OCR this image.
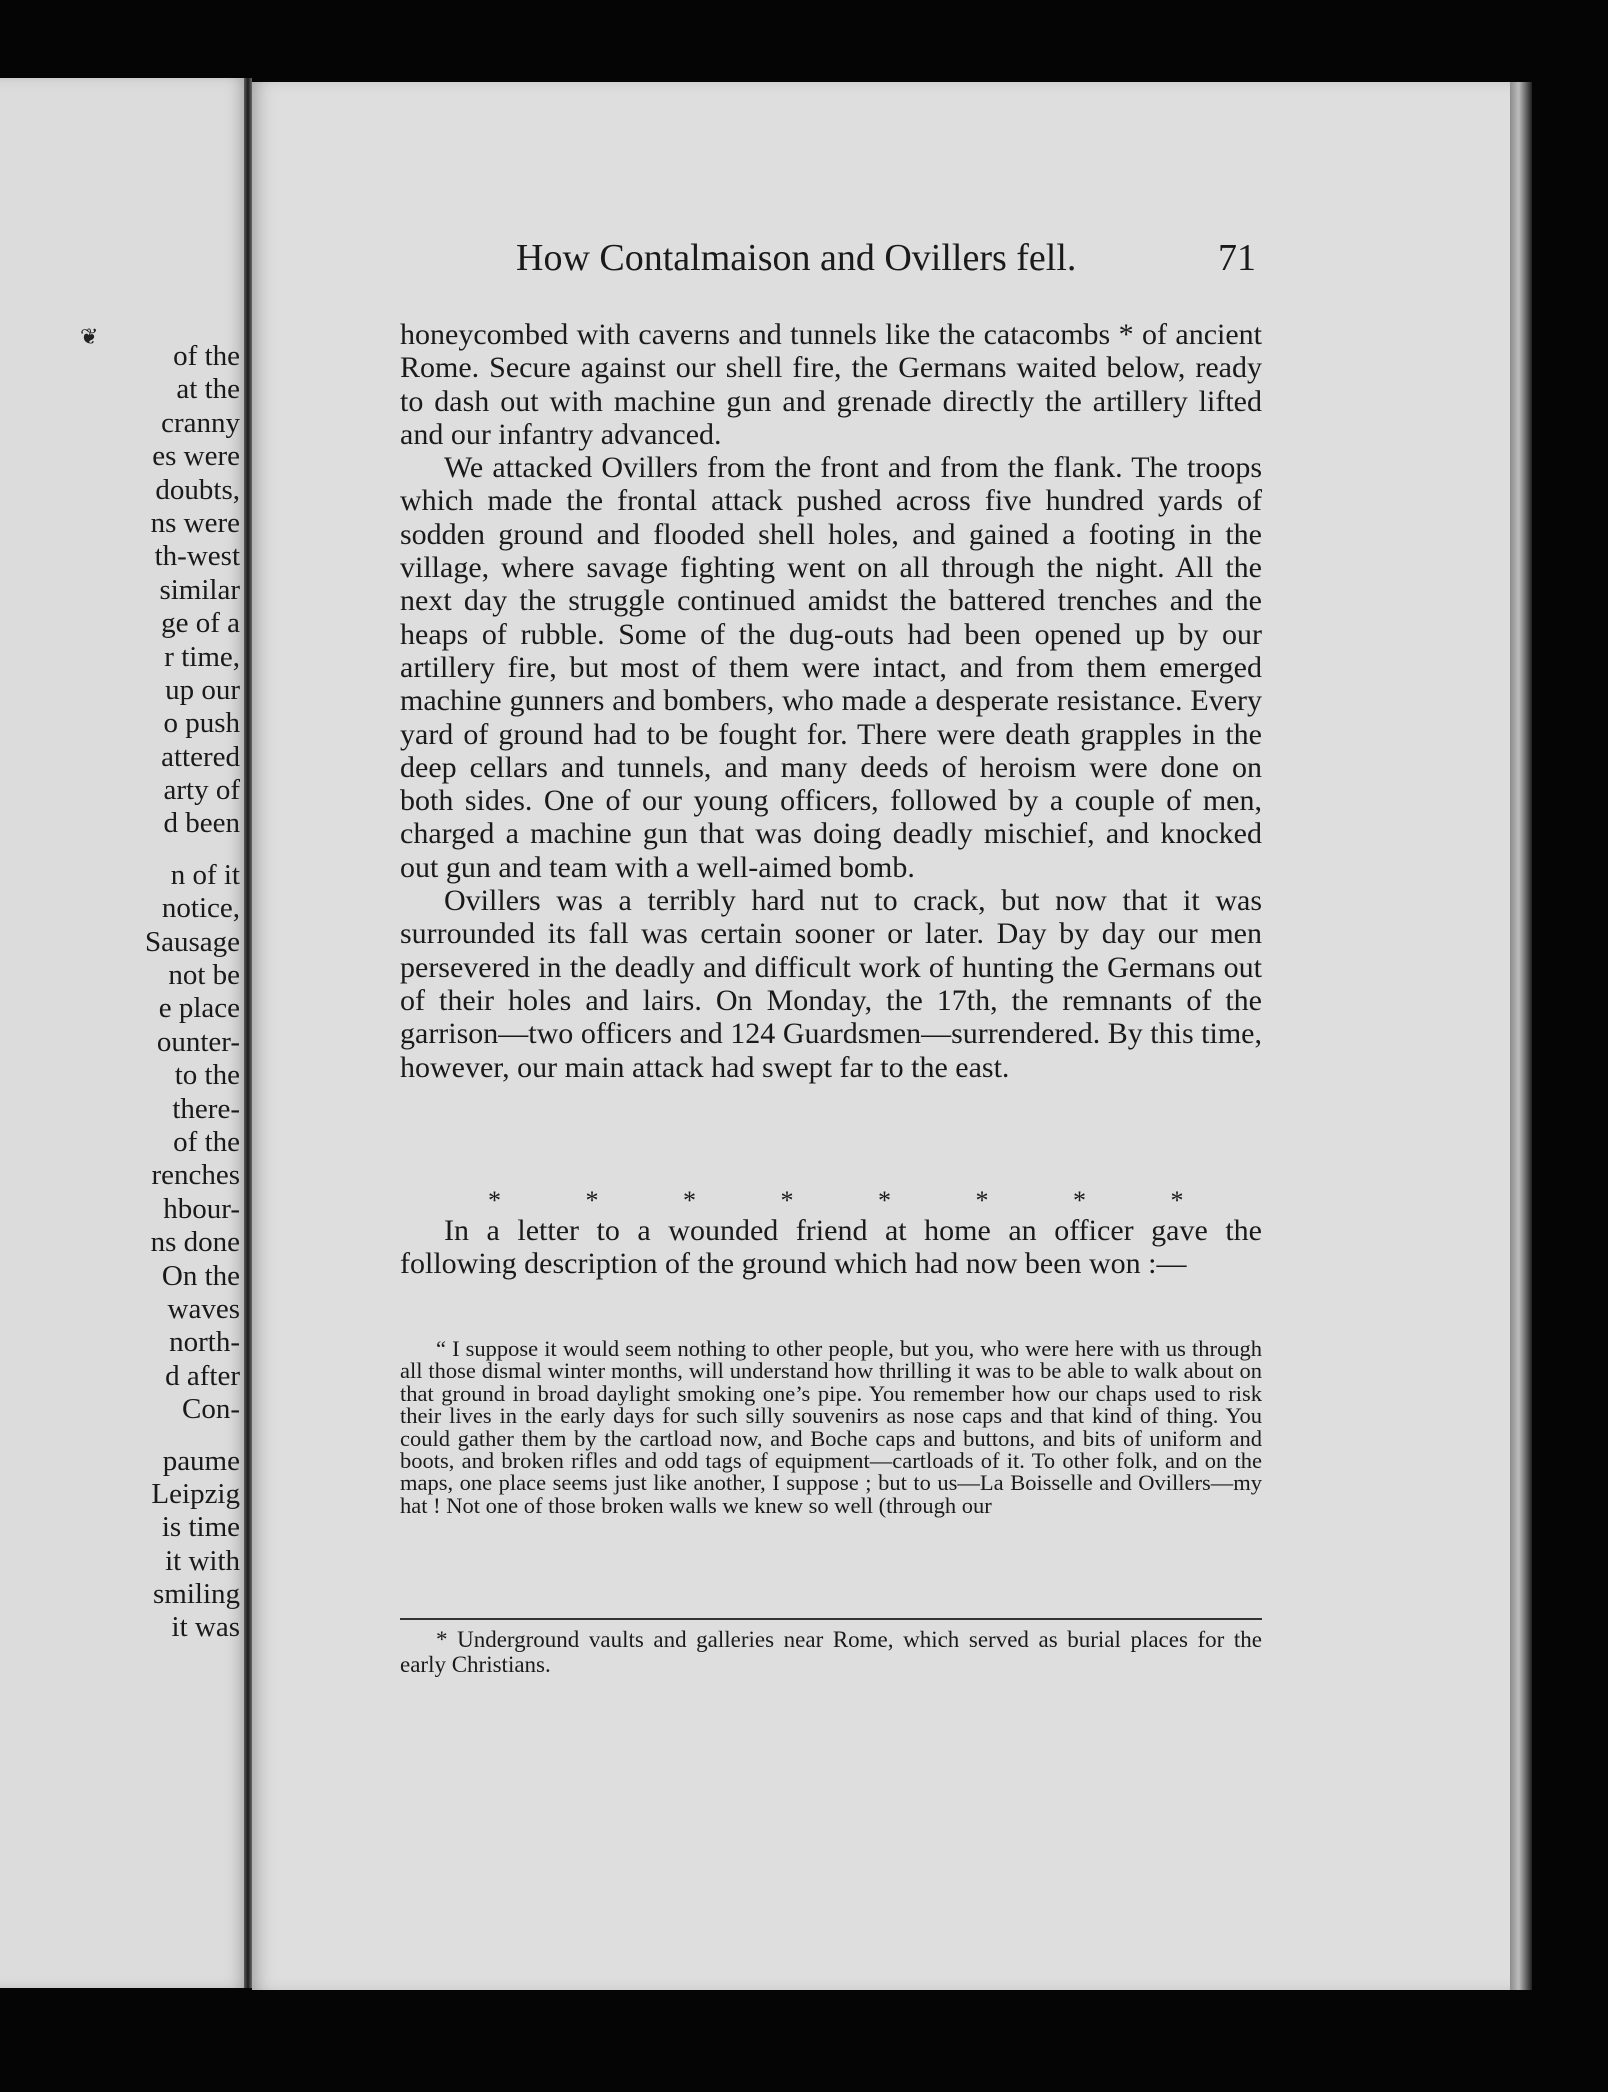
❦
of the
at the
cranny
es were
doubts,
ns were
th-west
similar
ge of a
r time,
up our
o push
attered
arty of
d been
n of it
notice,
Sausage
not be
e place
ounter-
to the
there-
of the
renches
hbour-
ns done
On the
waves
north-
d after
Con-
paume
Leipzig
is time
it with
smiling
it was
How Contalmaison and Ovillers fell.	71

honeycombed with caverns and tunnels like the catacombs * of ancient Rome. Secure against our shell fire, the Germans waited below, ready to dash out with machine gun and grenade directly the artillery lifted and our infantry advanced.

We attacked Ovillers from the front and from the flank. The troops which made the frontal attack pushed across five hundred yards of sodden ground and flooded shell holes, and gained a footing in the village, where savage fighting went on all through the night. All the next day the struggle continued amidst the battered trenches and the heaps of rubble. Some of the dug-outs had been opened up by our artillery fire, but most of them were intact, and from them emerged machine gunners and bombers, who made a desperate resistance. Every yard of ground had to be fought for. There were death grapples in the deep cellars and tunnels, and many deeds of heroism were done on both sides. One of our young officers, followed by a couple of men, charged a machine gun that was doing deadly mischief, and knocked out gun and team with a well-aimed bomb.

Ovillers was a terribly hard nut to crack, but now that it was surrounded its fall was certain sooner or later. Day by day our men persevered in the deadly and difficult work of hunting the Germans out of their holes and lairs. On Monday, the 17th, the remnants of the garrison—two officers and 124 Guardsmen—surrendered. By this time, however, our main attack had swept far to the east.

* * * * * * * *

In a letter to a wounded friend at home an officer gave the following description of the ground which had now been won :—

“ I suppose it would seem nothing to other people, but you, who were here with us through all those dismal winter months, will understand how thrilling it was to be able to walk about on that ground in broad daylight smoking one’s pipe. You remember how our chaps used to risk their lives in the early days for such silly souvenirs as nose caps and that kind of thing. You could gather them by the cartload now, and Boche caps and buttons, and bits of uniform and boots, and broken rifles and odd tags of equipment—cartloads of it. To other folk, and on the maps, one place seems just like another, I suppose ; but to us—La Boisselle and Ovillers—my hat ! Not one of those broken walls we knew so well (through our

* Underground vaults and galleries near Rome, which served as burial places for the early Christians.
